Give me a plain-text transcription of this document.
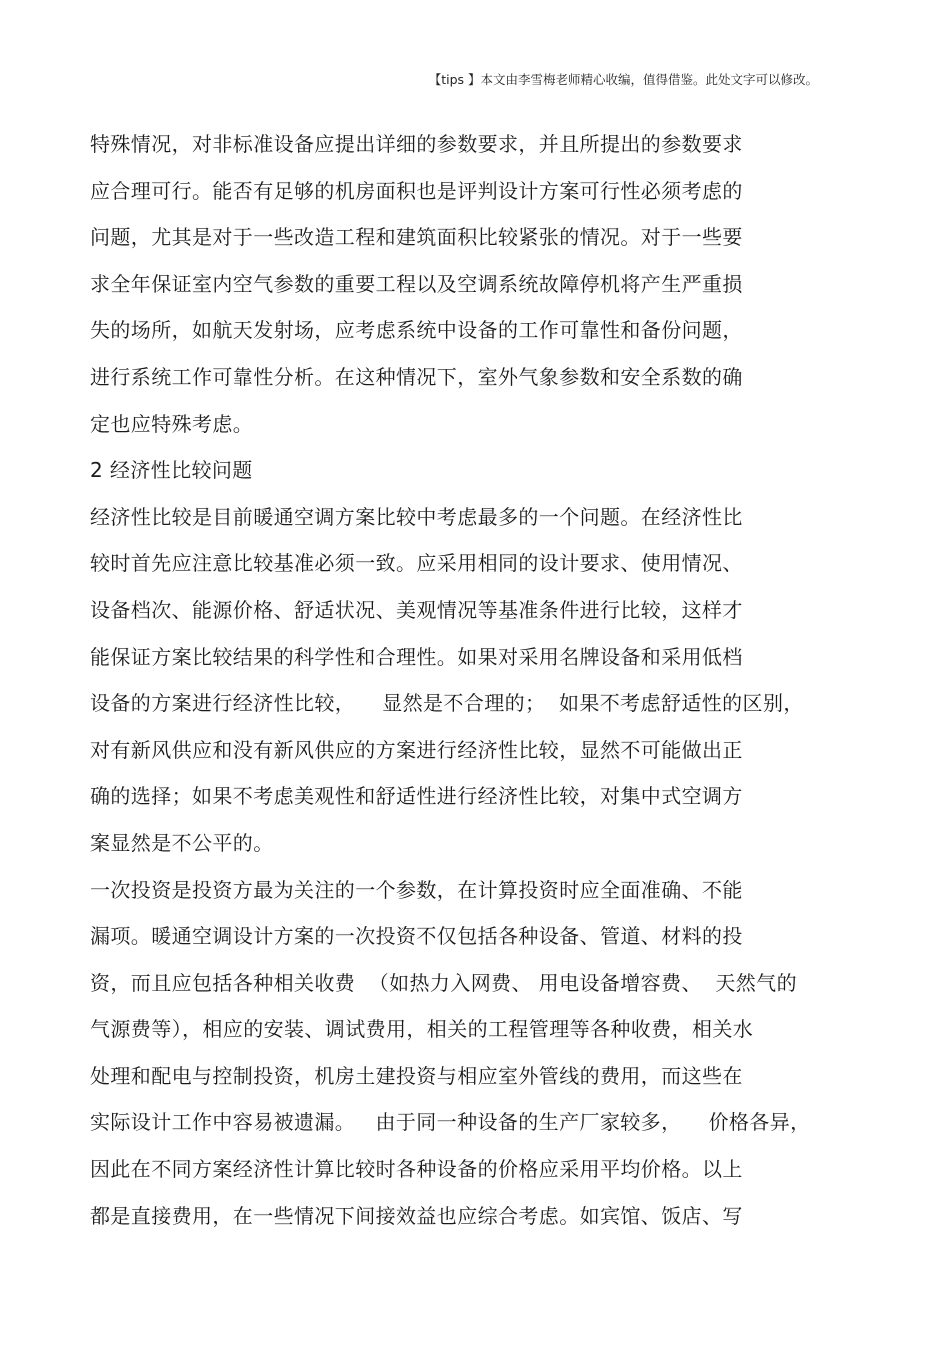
【tips 】本文由李雪梅老师精心收编，值得借鉴。此处文字可以修改。
特殊情况，对非标准设备应提出详细的参数要求，并且所提出的参数要求
应合理可行。能否有足够的机房面积也是评判设计方案可行性必须考虑的
问题，尤其是对于一些改造工程和建筑面积比较紧张的情况。对于一些要
求全年保证室内空气参数的重要工程以及空调系统故障停机将产生严重损
失的场所，如航天发射场，应考虑系统中设备的工作可靠性和备份问题，
进行系统工作可靠性分析。在这种情况下，室外气象参数和安全系数的确
定也应特殊考虑。
2 经济性比较问题
经济性比较是目前暖通空调方案比较中考虑最多的一个问题。在经济性比
较时首先应注意比较基准必须一致。应采用相同的设计要求、使用情况、
设备档次、能源价格、舒适状况、美观情况等基准条件进行比较，这样才
能保证方案比较结果的科学性和合理性。如果对采用名牌设备和采用低档
设备的方案进行经济性比较，    显然是不合理的；  如果不考虑舒适性的区别，
对有新风供应和没有新风供应的方案进行经济性比较，显然不可能做出正
确的选择；如果不考虑美观性和舒适性进行经济性比较，对集中式空调方
案显然是不公平的。
一次投资是投资方最为关注的一个参数，在计算投资时应全面准确、不能
漏项。暖通空调设计方案的一次投资不仅包括各种设备、管道、材料的投
资，而且应包括各种相关收费  （如热力入网费、 用电设备增容费、  天然气的
气源费等），相应的安装、调试费用，相关的工程管理等各种收费，相关水
处理和配电与控制投资，机房土建投资与相应室外管线的费用，而这些在
实际设计工作中容易被遗漏。   由于同一种设备的生产厂家较多，    价格各异，
因此在不同方案经济性计算比较时各种设备的价格应采用平均价格。以上
都是直接费用，在一些情况下间接效益也应综合考虑。如宾馆、饭店、写
